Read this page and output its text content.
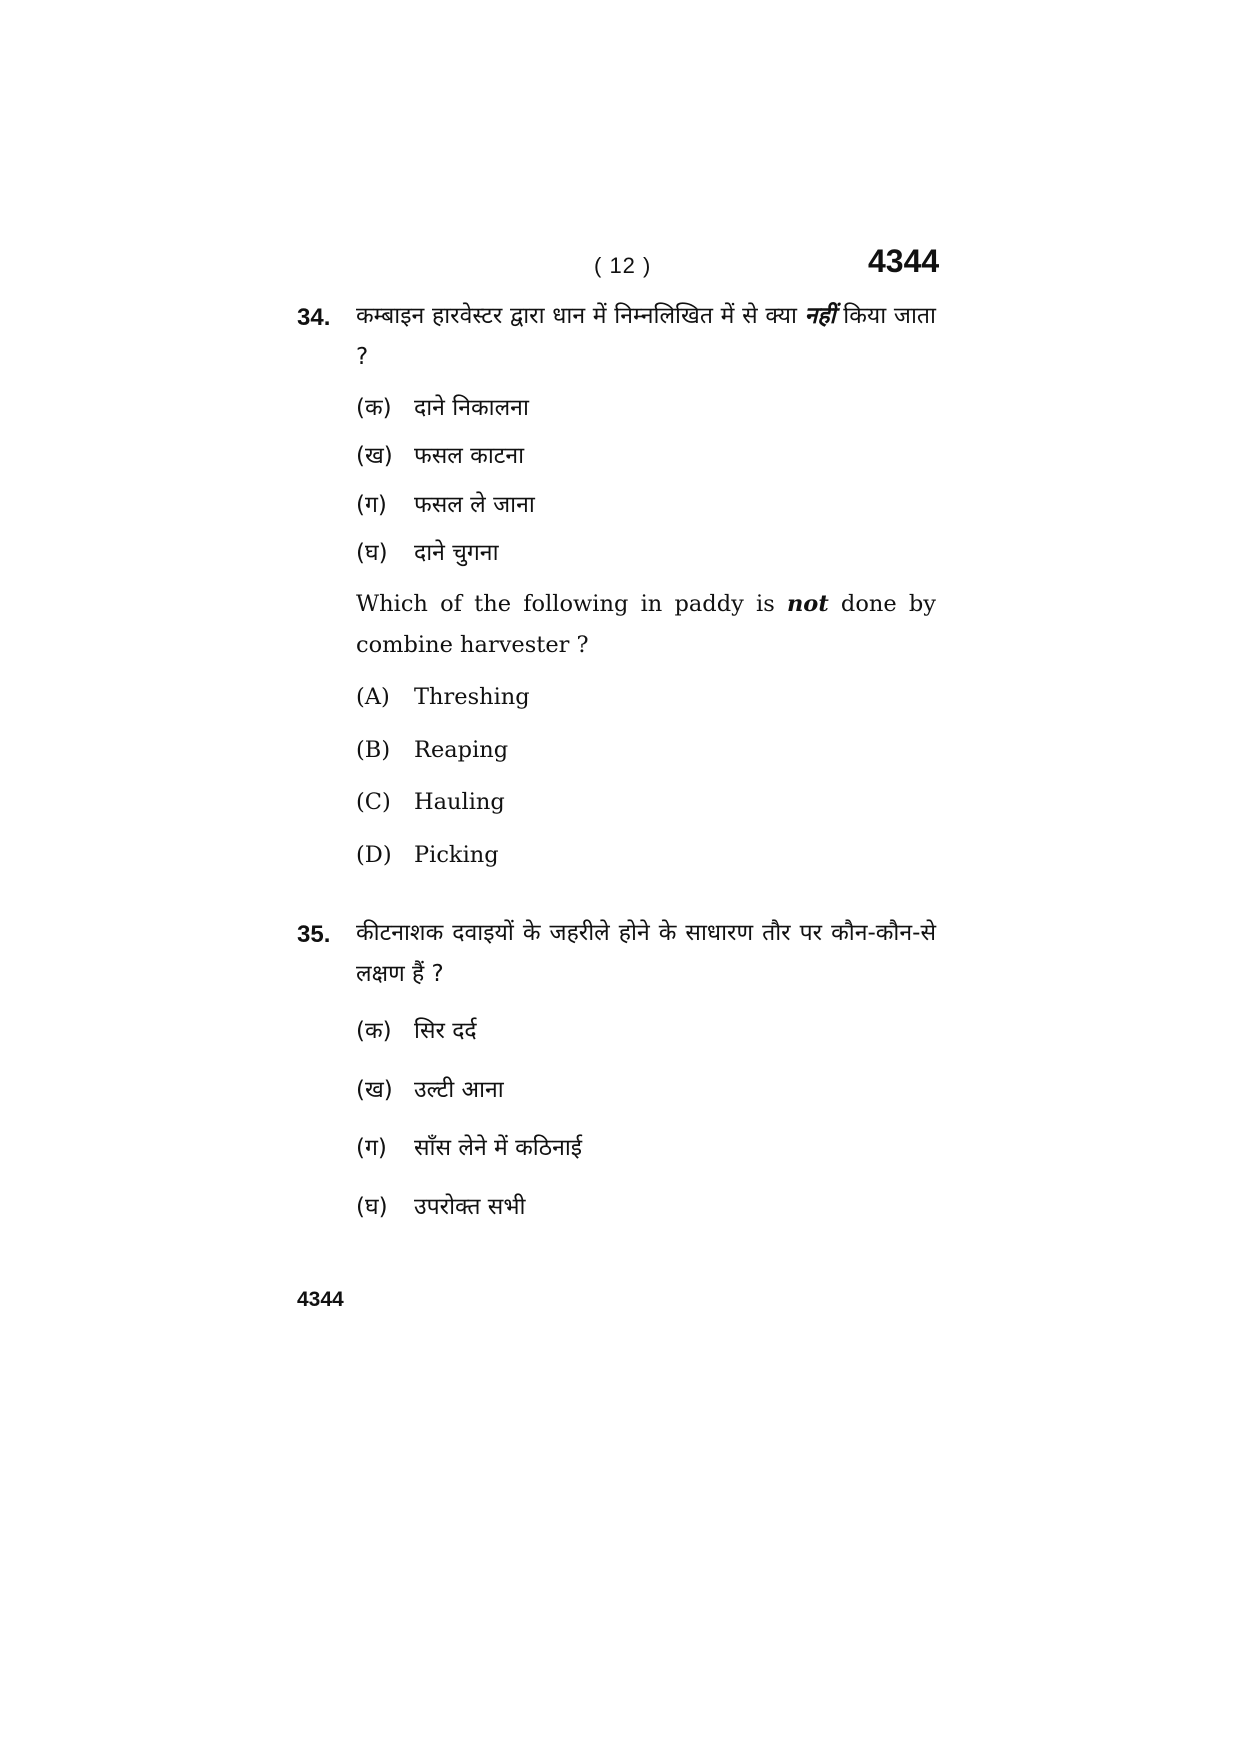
( 12 )	4344
34. कम्बाइन हारवेस्टर द्वारा धान में निम्नलिखित में से क्या नहीं किया जाता ?
(क) दाने निकालना
(ख) फसल काटना
(ग)	फसल ले जाना
(घ)	दाने चुगना
Which of the following in paddy is not done by combine harvester ?
(A)	Threshing
(B)	Reaping
(C)	Hauling
(D) Picking
35. कीटनाशक दवाइयों के जहरीले होने के साधारण तौर पर कौन-कौन-से लक्षण हैं ?
(क) सिर दर्द
(ख) उल्टी आना
(ग)	साँस लेने में कठिनाई
(घ)	उपरोक्त सभी
4344
